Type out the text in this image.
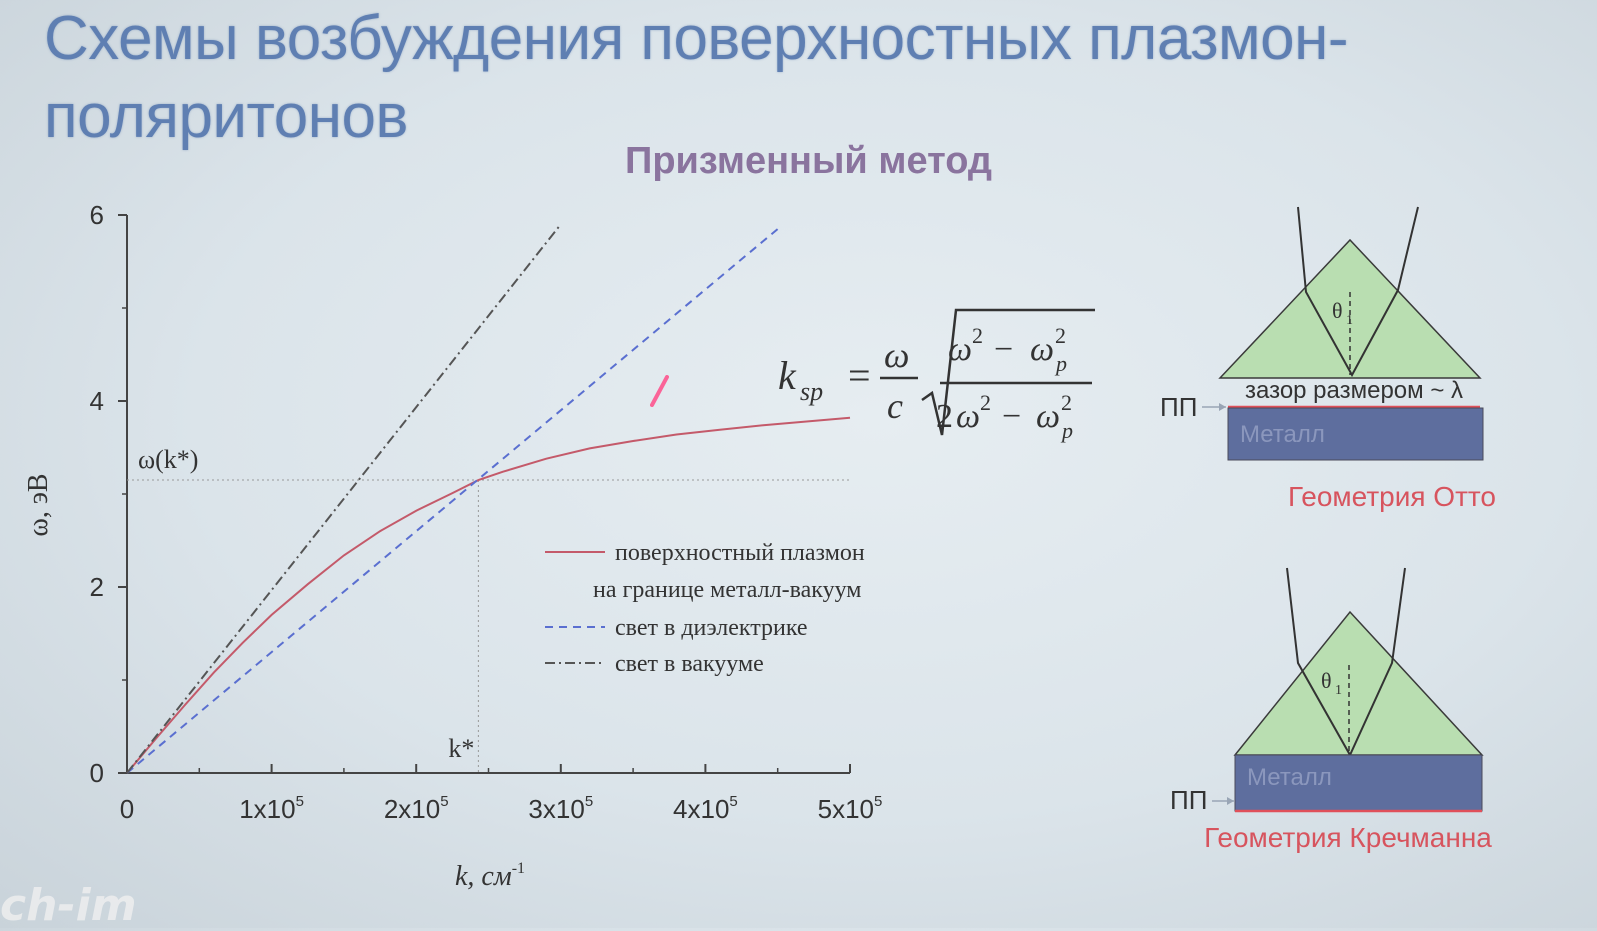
Схемы возбуждения поверхностных плазмон-
поляритонов
Призменный метод
0	$1x10^5$	$2x10^5$	$3x10^5$	$4x10^5$	$5x10^5$
0
2
4
6
ω(k*)
k*
k, $см^{-1}$
ω, эВ
поверхностный плазмон
на границе металл-вакуум
свет в диэлектрике
свет в вакууме
k sp = ω
c
ω 2 − ω 2
p
2 ω 2 − ω 2
p
θ 1
зазор размером ~ λ
Металл
ПП
Геометрия Отто
θ 1
Металл
ПП
Геометрия Кречманна
ch-im
